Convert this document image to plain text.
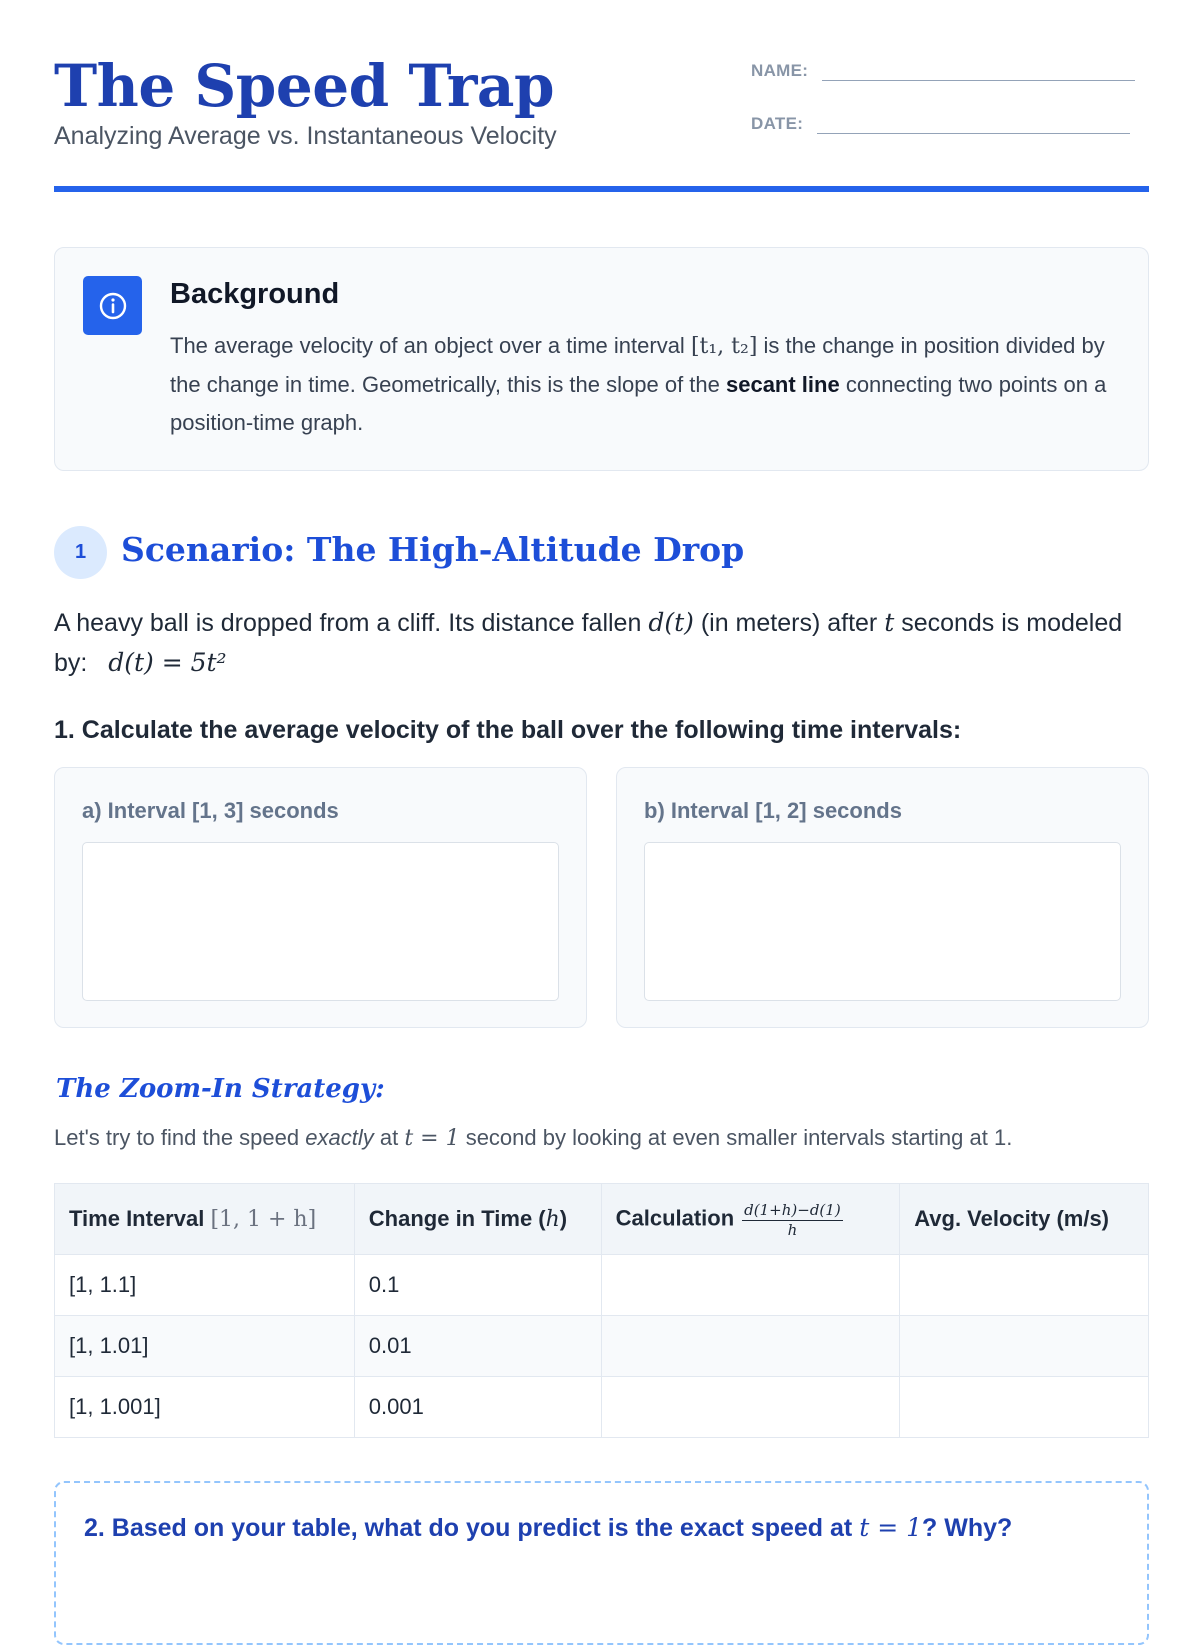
The Speed Trap
Analyzing Average vs. Instantaneous Velocity
NAME:
DATE:
Background
The average velocity of an object over a time interval [t₁, t₂] is the change in position divided by the change in time. Geometrically, this is the slope of the secant line connecting two points on a position-time graph.
1	Scenario: The High-Altitude Drop
A heavy ball is dropped from a cliff. Its distance fallen d(t) (in meters) after t seconds is modeled by:   d(t) = 5t²
1. Calculate the average velocity of the ball over the following time intervals:
a) Interval [1, 3] seconds	b) Interval [1, 2] seconds
The Zoom-In Strategy:
Let's try to find the speed exactly at t = 1 second by looking at even smaller intervals starting at 1.
Time Interval [1, 1 + h]	Change in Time (h)	Calculation $\frac{d(1+h)-d(1)}{h}$	Avg. Velocity (m/s)
[1, 1.1]	0.1		
[1, 1.01]	0.01		
[1, 1.001]	0.001		
2. Based on your table, what do you predict is the exact speed at t = 1? Why?
